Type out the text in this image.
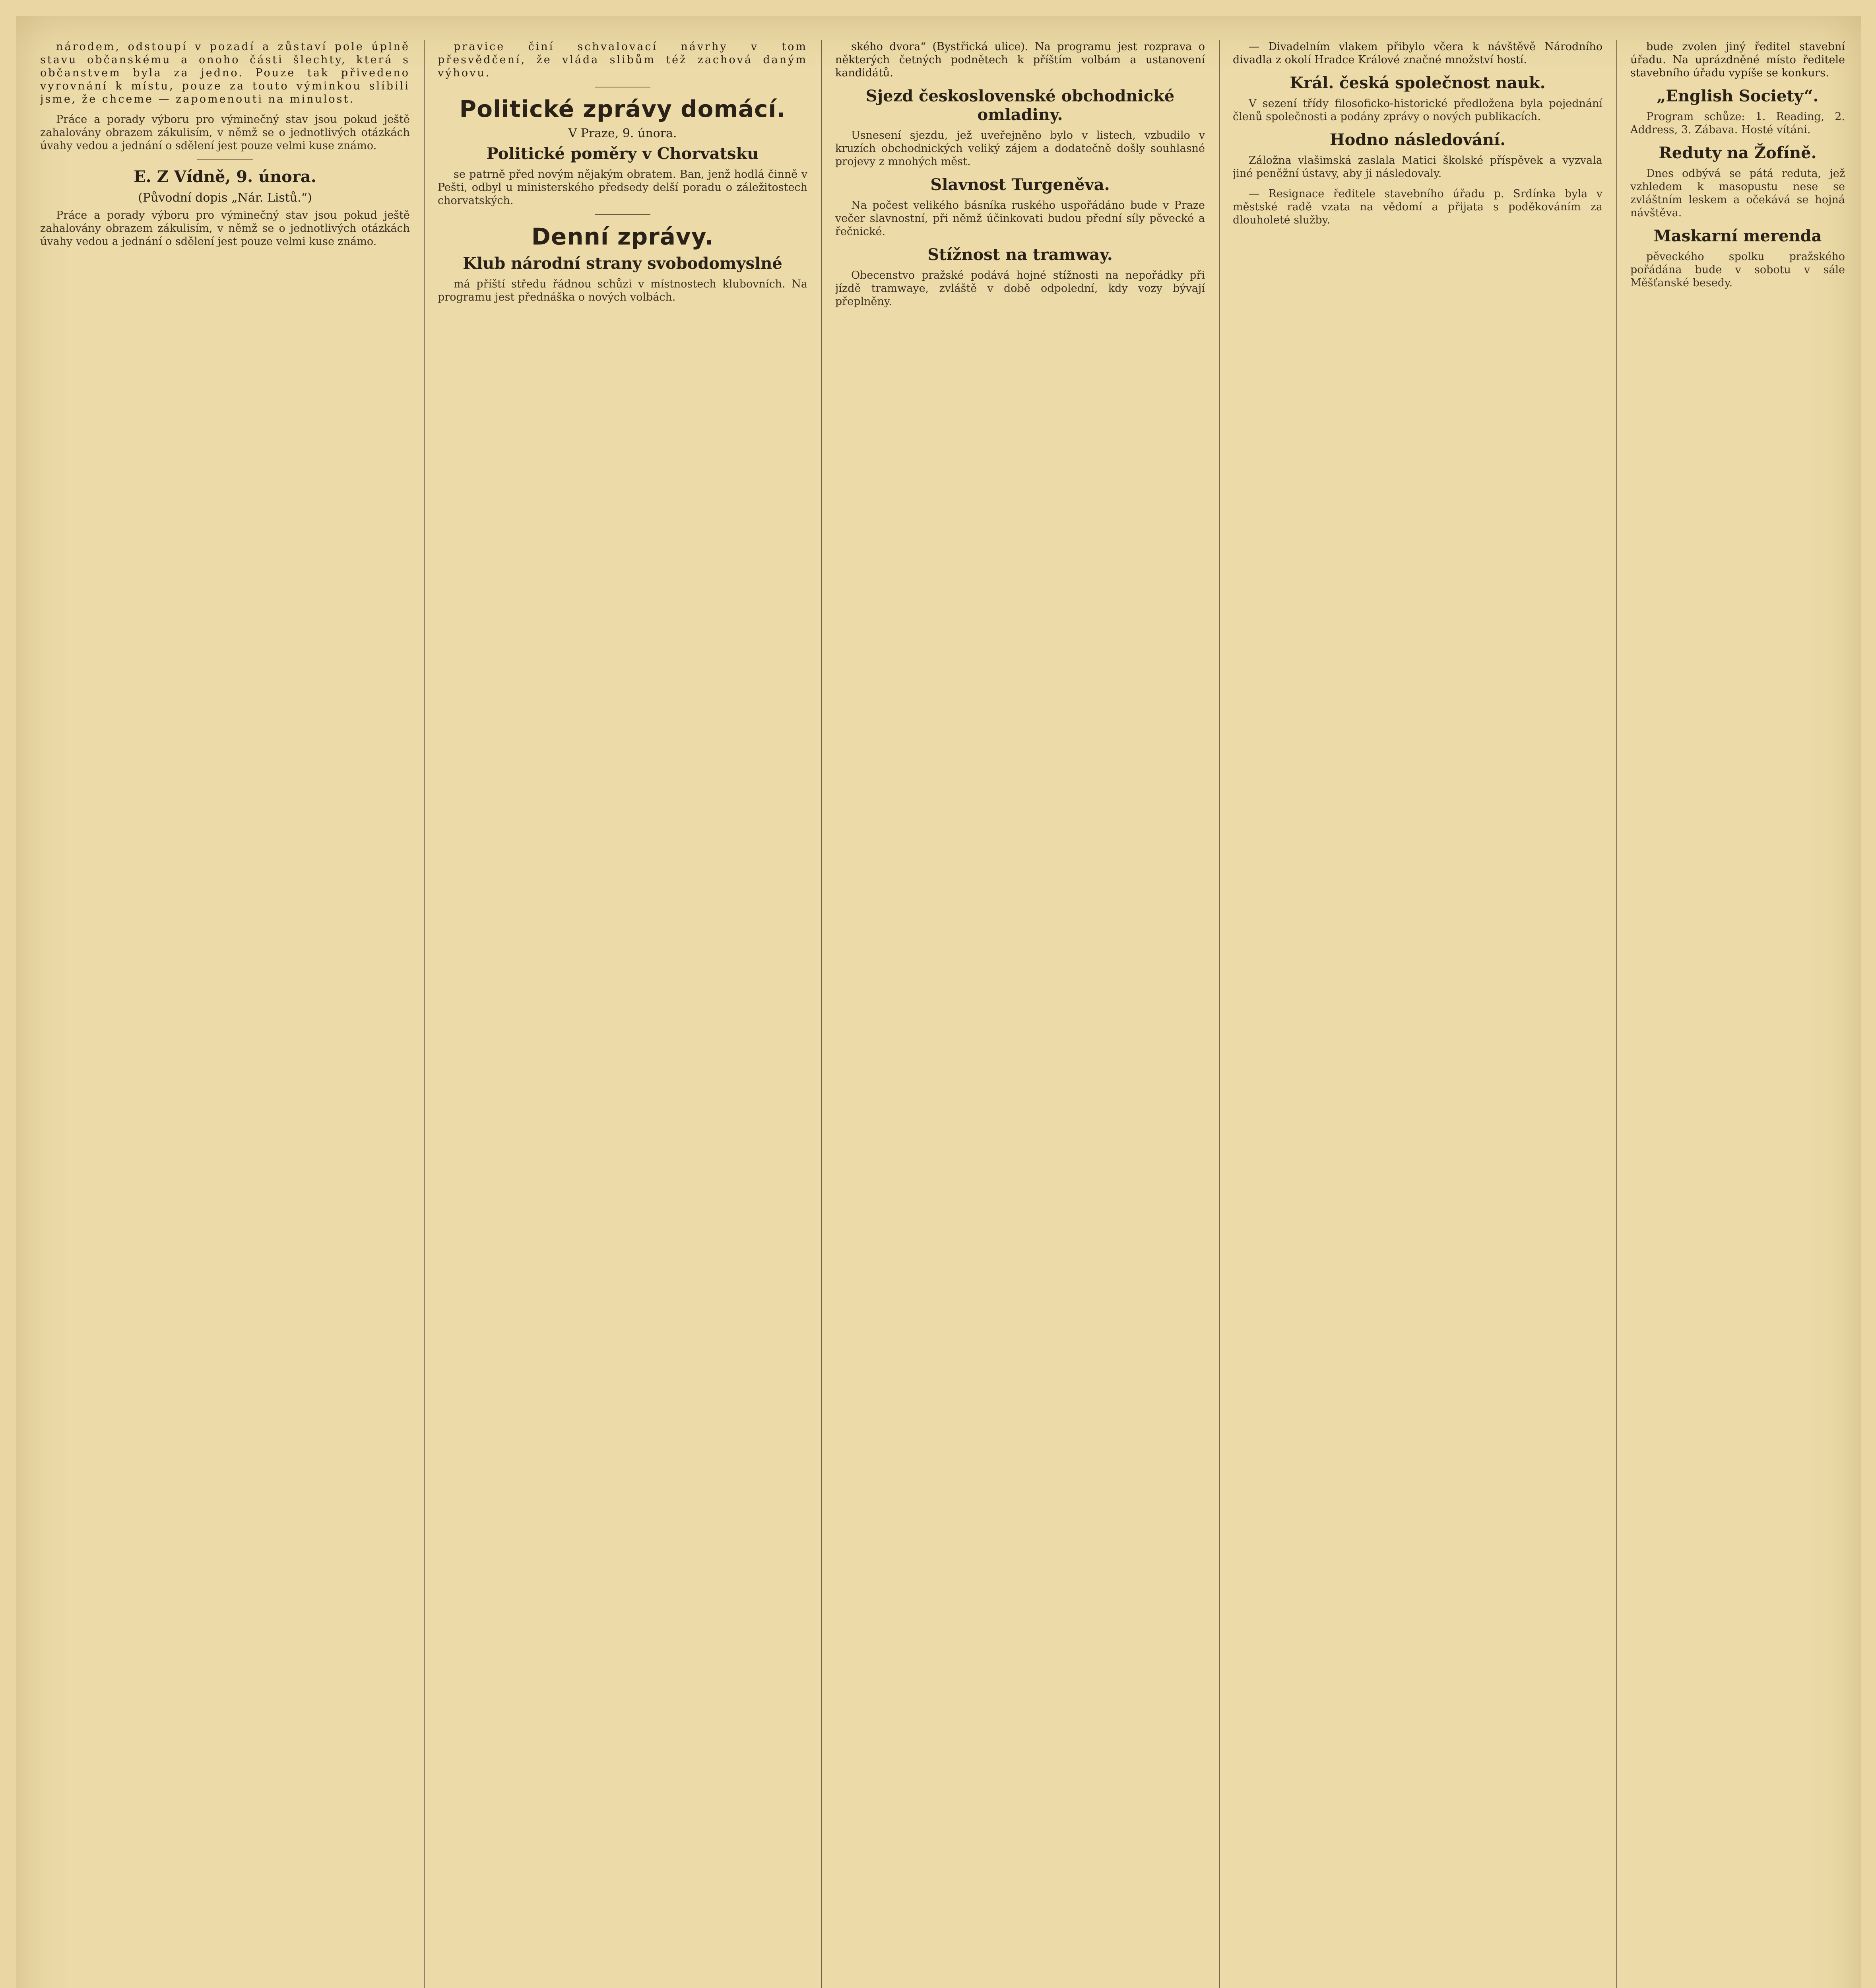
národem, odstoupí v pozadí a zůstaví pole úplně stavu občanskému a onoho části šlechty, která s občanstvem byla za jedno. Pouze tak přivedeno vyrovnání k místu, pouze za touto výminkou slíbili jsme, že chceme — zapomenouti na minulost.

Práce a porady výboru pro výminečný stav jsou pokud ještě zahalovány obrazem zákulisím, v němž se o jednotlivých otázkách úvahy vedou a jednání o sdělení jest pouze velmi kuse známo.

E. Z Vídně, 9. února.
(Původní dopis „Nár. Listů.“)

Práce a porady výboru pro výminečný stav jsou pokud ještě zahalovány obrazem zákulisím, v němž se o jednotlivých otázkách úvahy vedou a jednání o sdělení jest pouze velmi kuse známo.

pravice činí schvalovací návrhy v tom přesvědčení, že vláda slibům též zachová daným výhovu.

Politické zprávy domácí.
V Praze, 9. února.
Politické poměry v Chorvatsku

se patrně před novým nějakým obratem. Ban, jenž hodlá činně v Pešti, odbyl u ministerského předsedy delší poradu o záležitostech chorvatských.

Denní zprávy.
Klub národní strany svobodomyslné

má příští středu řádnou schůzi v místnostech klubovních. Na programu jest přednáška o nových volbách.

ského dvora“ (Bystřická ulice). Na programu jest rozprava o některých četných podnětech k příštím volbám a ustanovení kandidátů.

Sjezd československé obchodnické omladiny.

Usnesení sjezdu, jež uveřejněno bylo v listech, vzbudilo v kruzích obchodnických veliký zájem a dodatečně došly souhlasné projevy z mnohých měst.

Slavnost Turgeněva.

Na počest velikého básníka ruského uspořádáno bude v Praze večer slavnostní, při němž účinkovati budou přední síly pěvecké a řečnické.

Stížnost na tramway.

Obecenstvo pražské podává hojné stížnosti na nepořádky při jízdě tramwaye, zvláště v době odpolední, kdy vozy bývají přeplněny.

— Divadelním vlakem přibylo včera k návštěvě Národního divadla z okolí Hradce Králové značné množství hostí.

Král. česká společnost nauk.

V sezení třídy filosoficko-historické předložena byla pojednání členů společnosti a podány zprávy o nových publikacích.

Hodno následování.

Záložna vlašimská zaslala Matici školské příspěvek a vyzvala jiné peněžní ústavy, aby ji následovaly.

— Resignace ředitele stavebního úřadu p. Srdínka byla v městské radě vzata na vědomí a přijata s poděkováním za dlouholeté služby.

bude zvolen jiný ředitel stavební úřadu. Na uprázdněné místo ředitele stavebního úřadu vypíše se konkurs.

„English Society“.

Program schůze: 1. Reading, 2. Address, 3. Zábava. Hosté vítáni.

Reduty na Žofíně.

Dnes odbývá se pátá reduta, jež vzhledem k masopustu nese se zvláštním leskem a očekává se hojná návštěva.

Maskarní merenda

pěveckého spolku pražského pořádána bude v sobotu v sále Měšťanské besedy.
